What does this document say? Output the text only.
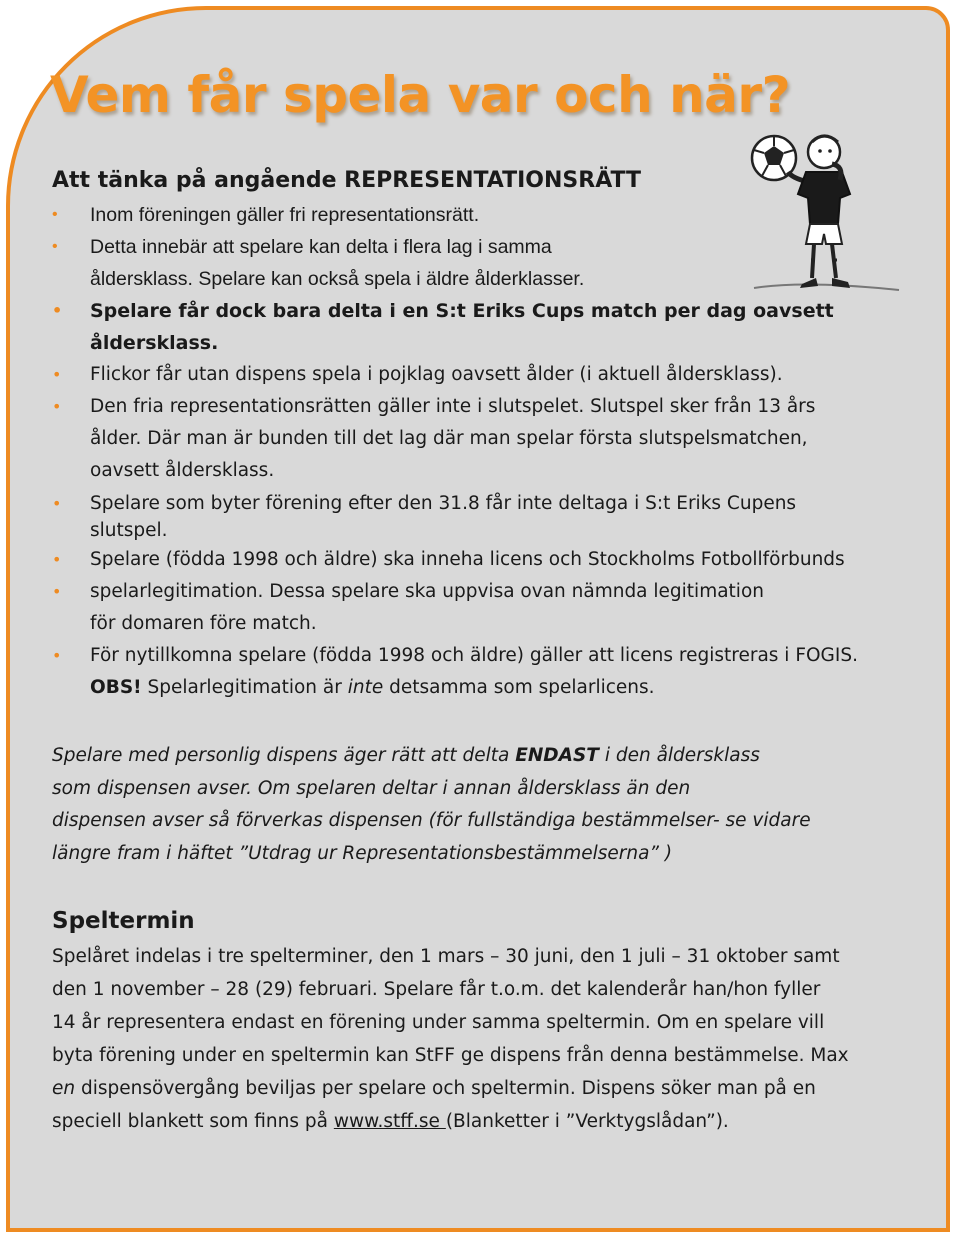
Vem får spela var och när?
Att tänka på angående REPRESENTATIONSRÄTT
• Inom föreningen gäller fri representationsrätt.
• Detta innebär att spelare kan delta i flera lag i samma
åldersklass. Spelare kan också spela i äldre ålderklasser.
• Spelare får dock bara delta i en S:t Eriks Cups match per dag oavsett
åldersklass.
• Flickor får utan dispens spela i pojklag oavsett ålder (i aktuell åldersklass).
• Den fria representationsrätten gäller inte i slutspelet. Slutspel sker från 13 års
ålder. Där man är bunden till det lag där man spelar första slutspelsmatchen,
oavsett åldersklass.
• Spelare som byter förening efter den 31.8 får inte deltaga i S:t Eriks Cupens
slutspel.
• Spelare (födda 1998 och äldre) ska inneha licens och Stockholms Fotbollförbunds
• spelarlegitimation. Dessa spelare ska uppvisa ovan nämnda legitimation
för domaren före match.
• För nytillkomna spelare (födda 1998 och äldre) gäller att licens registreras i FOGIS.
OBS! Spelarlegitimation är inte detsamma som spelarlicens.
Spelare med personlig dispens äger rätt att delta ENDAST i den åldersklass
som dispensen avser. Om spelaren deltar i annan åldersklass än den
dispensen avser så förverkas dispensen (för fullständiga bestämmelser- se vidare
längre fram i häftet ”Utdrag ur Representationsbestämmelserna” )
Speltermin
Spelåret indelas i tre spelterminer, den 1 mars – 30 juni, den 1 juli – 31 oktober samt
den 1 november – 28 (29) februari. Spelare får t.o.m. det kalenderår han/hon fyller
14 år representera endast en förening under samma speltermin. Om en spelare vill
byta förening under en speltermin kan StFF ge dispens från denna bestämmelse. Max
en dispensövergång beviljas per spelare och speltermin. Dispens söker man på en
speciell blankett som finns på www.stff.se (Blanketter i ”Verktygslådan”).
